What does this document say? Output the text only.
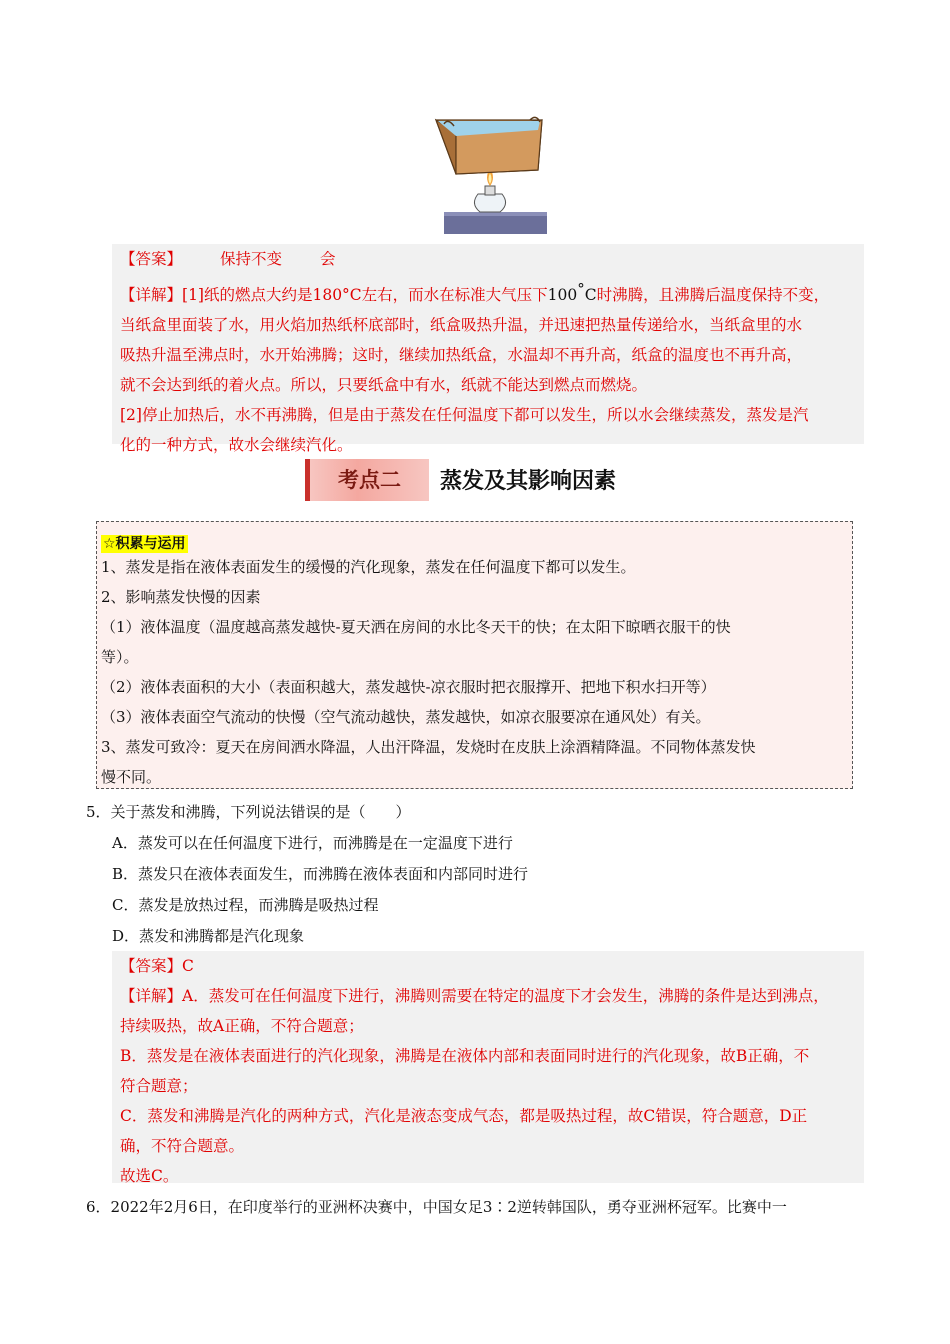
【答案】 保持不变 会

【详解】[1]纸的燃点大约是180°C左右，而水在标准大气压下100°C时沸腾，且沸腾后温度保持不变，

当纸盒里面装了水，用火焰加热纸杯底部时，纸盒吸热升温，并迅速把热量传递给水，当纸盒里的水

吸热升温至沸点时，水开始沸腾；这时，继续加热纸盒，水温却不再升高，纸盒的温度也不再升高，

就不会达到纸的着火点。所以，只要纸盒中有水，纸就不能达到燃点而燃烧。

[2]停止加热后，水不再沸腾，但是由于蒸发在任何温度下都可以发生，所以水会继续蒸发，蒸发是汽

化的一种方式，故水会继续汽化。

考点二	蒸发及其影响因素
☆积累与运用

1、蒸发是指在液体表面发生的缓慢的汽化现象，蒸发在任何温度下都可以发生。

2、影响蒸发快慢的因素

（1）液体温度（温度越高蒸发越快-夏天洒在房间的水比冬天干的快；在太阳下晾晒衣服干的快

等）。

（2）液体表面积的大小（表面积越大，蒸发越快-凉衣服时把衣服撑开、把地下积水扫开等）

（3）液体表面空气流动的快慢（空气流动越快，蒸发越快，如凉衣服要凉在通风处）有关。

3、蒸发可致冷：夏天在房间洒水降温，人出汗降温，发烧时在皮肤上涂酒精降温。不同物体蒸发快

慢不同。

5．关于蒸发和沸腾，下列说法错误的是（　　）
A．蒸发可以在任何温度下进行，而沸腾是在一定温度下进行
B．蒸发只在液体表面发生，而沸腾在液体表面和内部同时进行
C．蒸发是放热过程，而沸腾是吸热过程
D．蒸发和沸腾都是汽化现象

【答案】C

【详解】A．蒸发可在任何温度下进行，沸腾则需要在特定的温度下才会发生，沸腾的条件是达到沸点，

持续吸热，故A正确，不符合题意；

B．蒸发是在液体表面进行的汽化现象，沸腾是在液体内部和表面同时进行的汽化现象，故B正确，不

符合题意；

C．蒸发和沸腾是汽化的两种方式，汽化是液态变成气态，都是吸热过程，故C错误，符合题意，D正

确，不符合题意。

故选C。

6．2022年2月6日，在印度举行的亚洲杯决赛中，中国女足3∶2逆转韩国队，勇夺亚洲杯冠军。比赛中一
